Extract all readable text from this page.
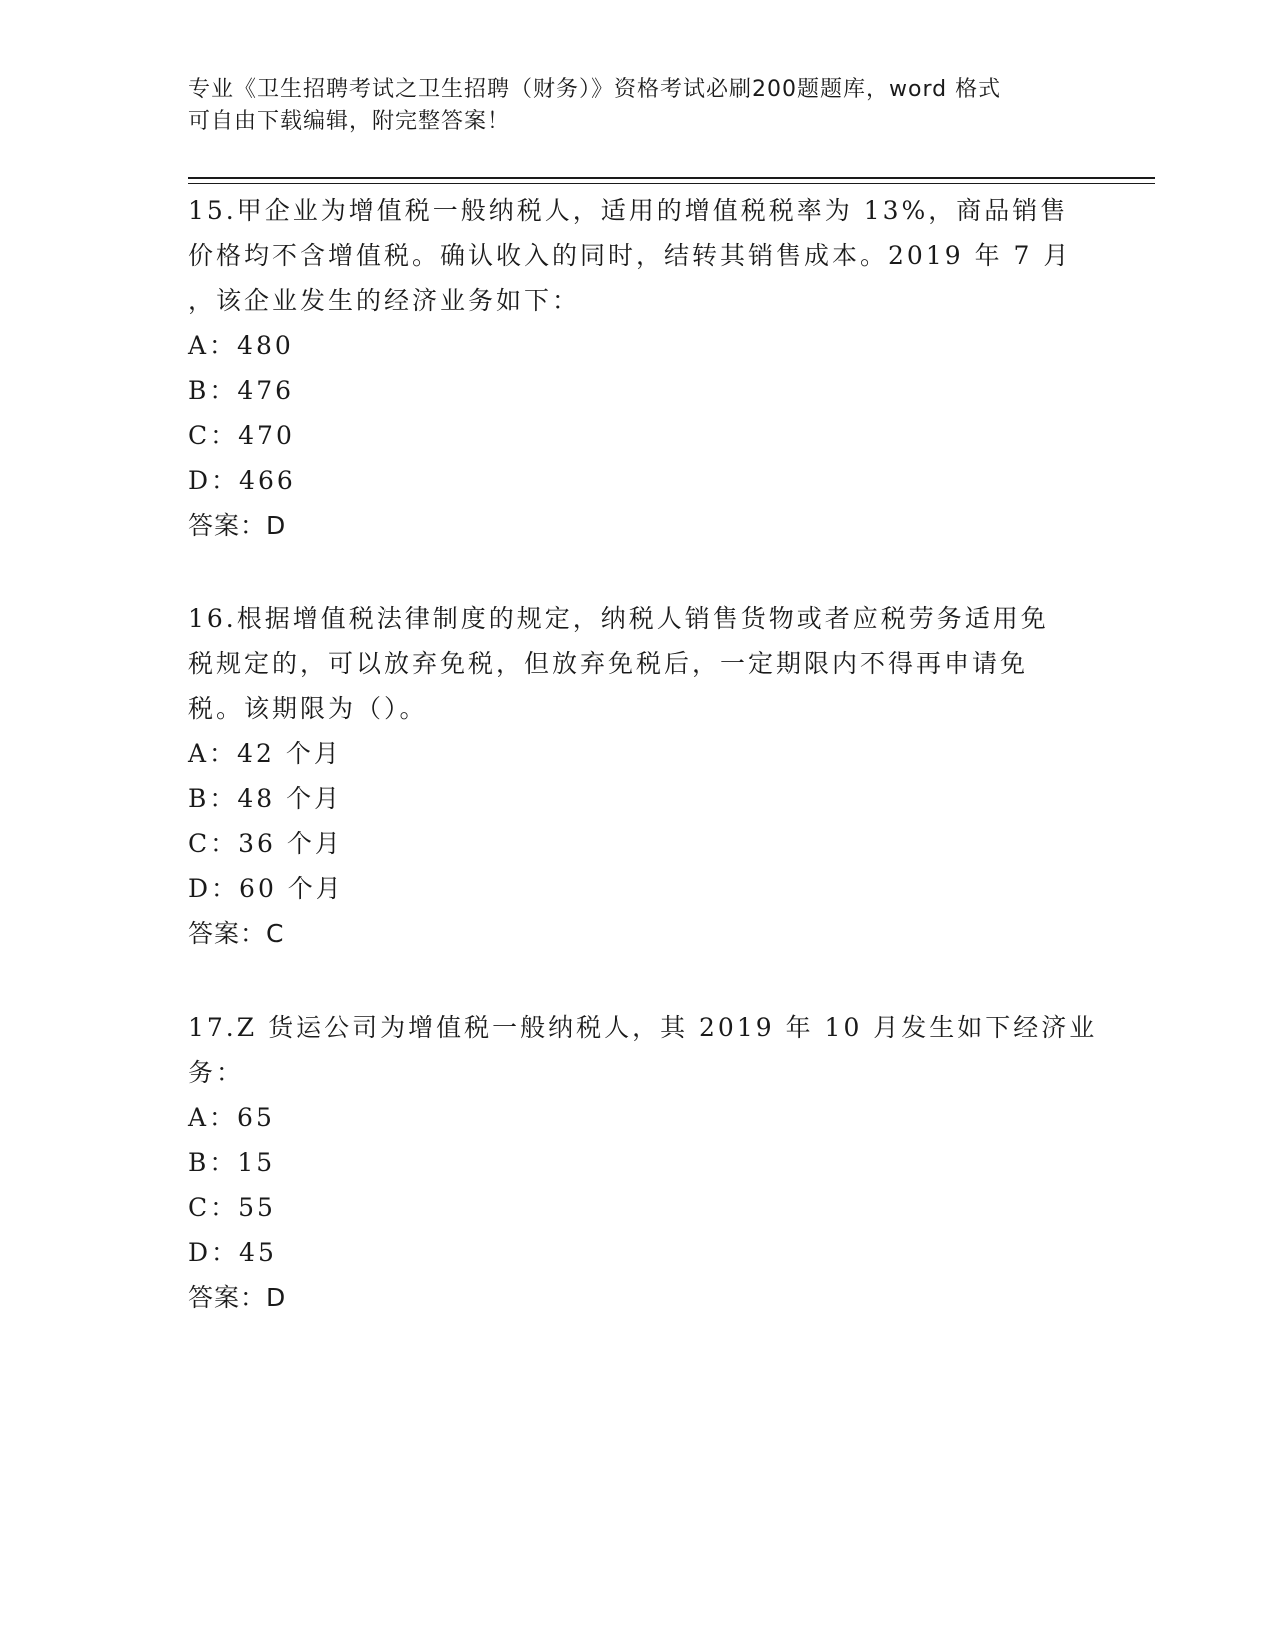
专业《卫生招聘考试之卫生招聘（财务）》资格考试必刷200题题库，word 格式
可自由下载编辑，附完整答案！
15.甲企业为增值税一般纳税人，适用的增值税税率为 13%，商品销售
价格均不含增值税。确认收入的同时，结转其销售成本。2019 年 7 月
，该企业发生的经济业务如下：
A：480
B：476
C：470
D：466
答案：D
16.根据增值税法律制度的规定，纳税人销售货物或者应税劳务适用免
税规定的，可以放弃免税，但放弃免税后，一定期限内不得再申请免
税。该期限为（）。
A：42 个月
B：48 个月
C：36 个月
D：60 个月
答案：C
17.Z 货运公司为增值税一般纳税人，其 2019 年 10 月发生如下经济业
务：
A：65
B：15
C：55
D：45
答案：D
